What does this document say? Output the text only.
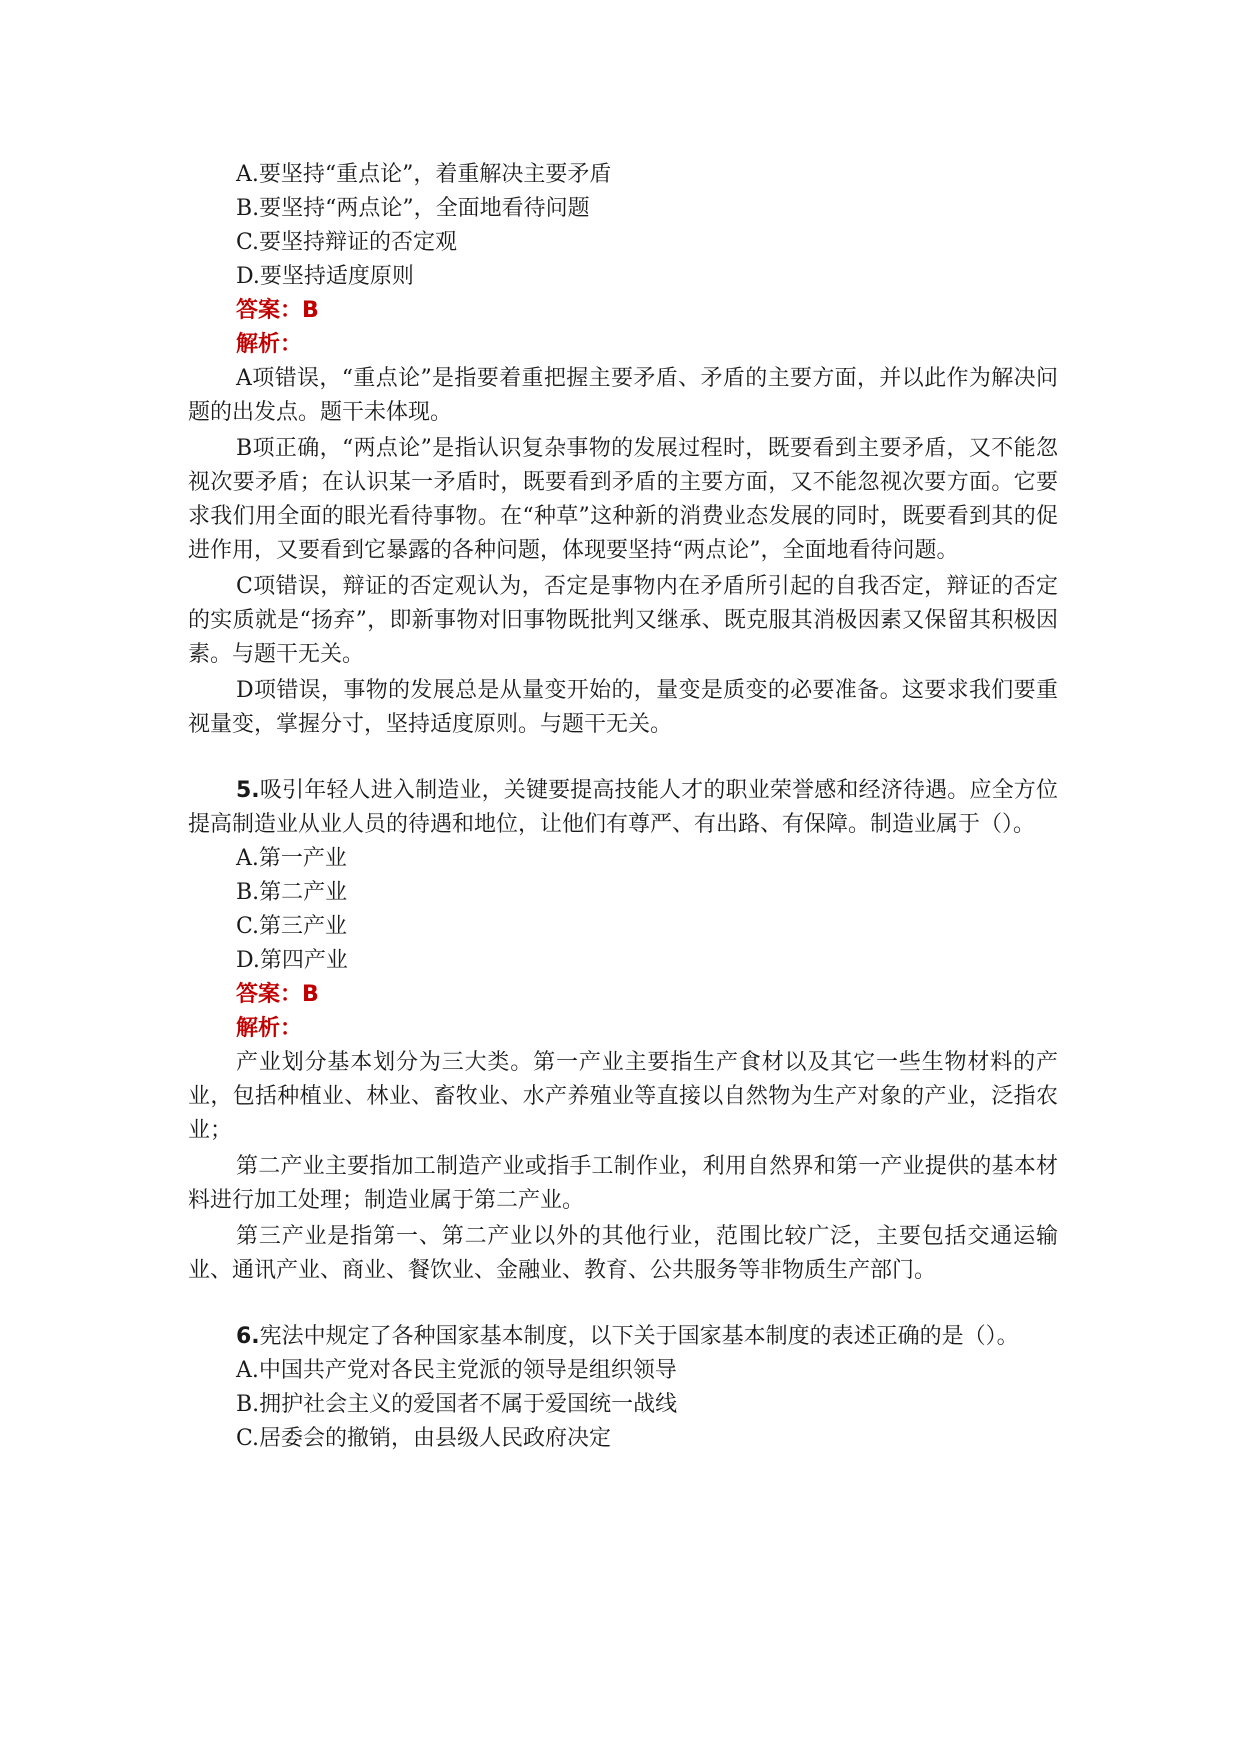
A.要坚持“重点论”，着重解决主要矛盾
B.要坚持“两点论”，全面地看待问题
C.要坚持辩证的否定观
D.要坚持适度原则
答案：B
解析：

A项错误，“重点论”是指要着重把握主要矛盾、矛盾的主要方面，并以此作为解决问题的出发点。题干未体现。

B项正确，“两点论”是指认识复杂事物的发展过程时，既要看到主要矛盾，又不能忽视次要矛盾；在认识某一矛盾时，既要看到矛盾的主要方面，又不能忽视次要方面。它要求我们用全面的眼光看待事物。在“种草”这种新的消费业态发展的同时，既要看到其的促进作用，又要看到它暴露的各种问题，体现要坚持“两点论”，全面地看待问题。

C项错误，辩证的否定观认为，否定是事物内在矛盾所引起的自我否定，辩证的否定的实质就是“扬弃”，即新事物对旧事物既批判又继承、既克服其消极因素又保留其积极因素。与题干无关。

D项错误，事物的发展总是从量变开始的，量变是质变的必要准备。这要求我们要重视量变，掌握分寸，坚持适度原则。与题干无关。

5.吸引年轻人进入制造业，关键要提高技能人才的职业荣誉感和经济待遇。应全方位提高制造业从业人员的待遇和地位，让他们有尊严、有出路、有保障。制造业属于（）。
A.第一产业
B.第二产业
C.第三产业
D.第四产业
答案：B
解析：

产业划分基本划分为三大类。第一产业主要指生产食材以及其它一些生物材料的产业，包括种植业、林业、畜牧业、水产养殖业等直接以自然物为生产对象的产业，泛指农业；

第二产业主要指加工制造产业或指手工制作业，利用自然界和第一产业提供的基本材料进行加工处理；制造业属于第二产业。

第三产业是指第一、第二产业以外的其他行业，范围比较广泛，主要包括交通运输业、通讯产业、商业、餐饮业、金融业、教育、公共服务等非物质生产部门。

6.宪法中规定了各种国家基本制度，以下关于国家基本制度的表述正确的是（）。
A.中国共产党对各民主党派的领导是组织领导
B.拥护社会主义的爱国者不属于爱国统一战线
C.居委会的撤销，由县级人民政府决定
